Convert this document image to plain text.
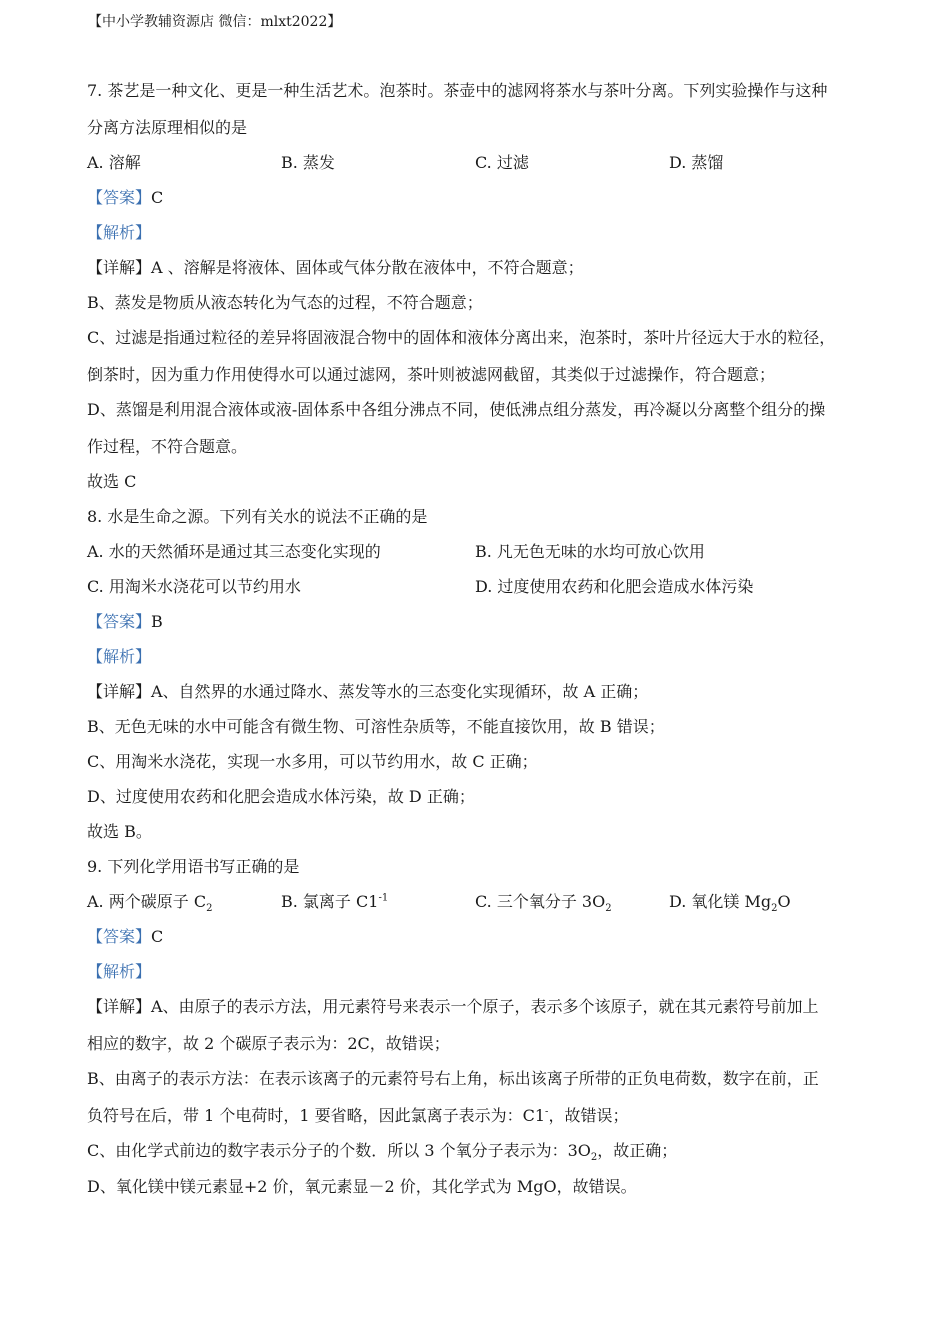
【中小学教辅资源店 微信：mlxt2022】
7. 茶艺是一种文化、更是一种生活艺术。泡茶时。茶壶中的滤网将茶水与茶叶分离。下列实验操作与这种
分离方法原理相似的是
A. 溶解	B. 蒸发	C. 过滤	D. 蒸馏
【答案】C
【解析】
【详解】A 、溶解是将液体、固体或气体分散在液体中，不符合题意；
B、蒸发是物质从液态转化为气态的过程，不符合题意；
C、过滤是指通过粒径的差异将固液混合物中的固体和液体分离出来，泡茶时，茶叶片径远大于水的粒径，
倒茶时，因为重力作用使得水可以通过滤网，茶叶则被滤网截留，其类似于过滤操作，符合题意；
D、蒸馏是利用混合液体或液-固体系中各组分沸点不同，使低沸点组分蒸发，再冷凝以分离整个组分的操
作过程，不符合题意。
故选 C
8. 水是生命之源。下列有关水的说法不正确的是
A. 水的天然循环是通过其三态变化实现的	B. 凡无色无味的水均可放心饮用
C. 用淘米水浇花可以节约用水	D. 过度使用农药和化肥会造成水体污染
【答案】B
【解析】
【详解】A、自然界的水通过降水、蒸发等水的三态变化实现循环，故 A 正确；
B、无色无味的水中可能含有微生物、可溶性杂质等，不能直接饮用，故 B 错误；
C、用淘米水浇花，实现一水多用，可以节约用水，故 C 正确；
D、过度使用农药和化肥会造成水体污染，故 D 正确；
故选 B。
9. 下列化学用语书写正确的是
A. 两个碳原子 $C_2$	B. 氯离子 $C1^{-1}$	C. 三个氧分子 $3O_2$	D. 氧化镁 $Mg_2O$
【答案】C
【解析】
【详解】A、由原子的表示方法，用元素符号来表示一个原子，表示多个该原子，就在其元素符号前加上
相应的数字，故 2 个碳原子表示为：2C，故错误；
B、由离子的表示方法：在表示该离子的元素符号右上角，标出该离子所带的正负电荷数，数字在前，正
负符号在后，带 1 个电荷时，1 要省略，因此氯离子表示为：C1-，故错误；
C、由化学式前边的数字表示分子的个数．所以 3 个氧分子表示为：$3O_2$，故正确；
D、氧化镁中镁元素显+2 价，氧元素显－2 价，其化学式为 MgO，故错误。
